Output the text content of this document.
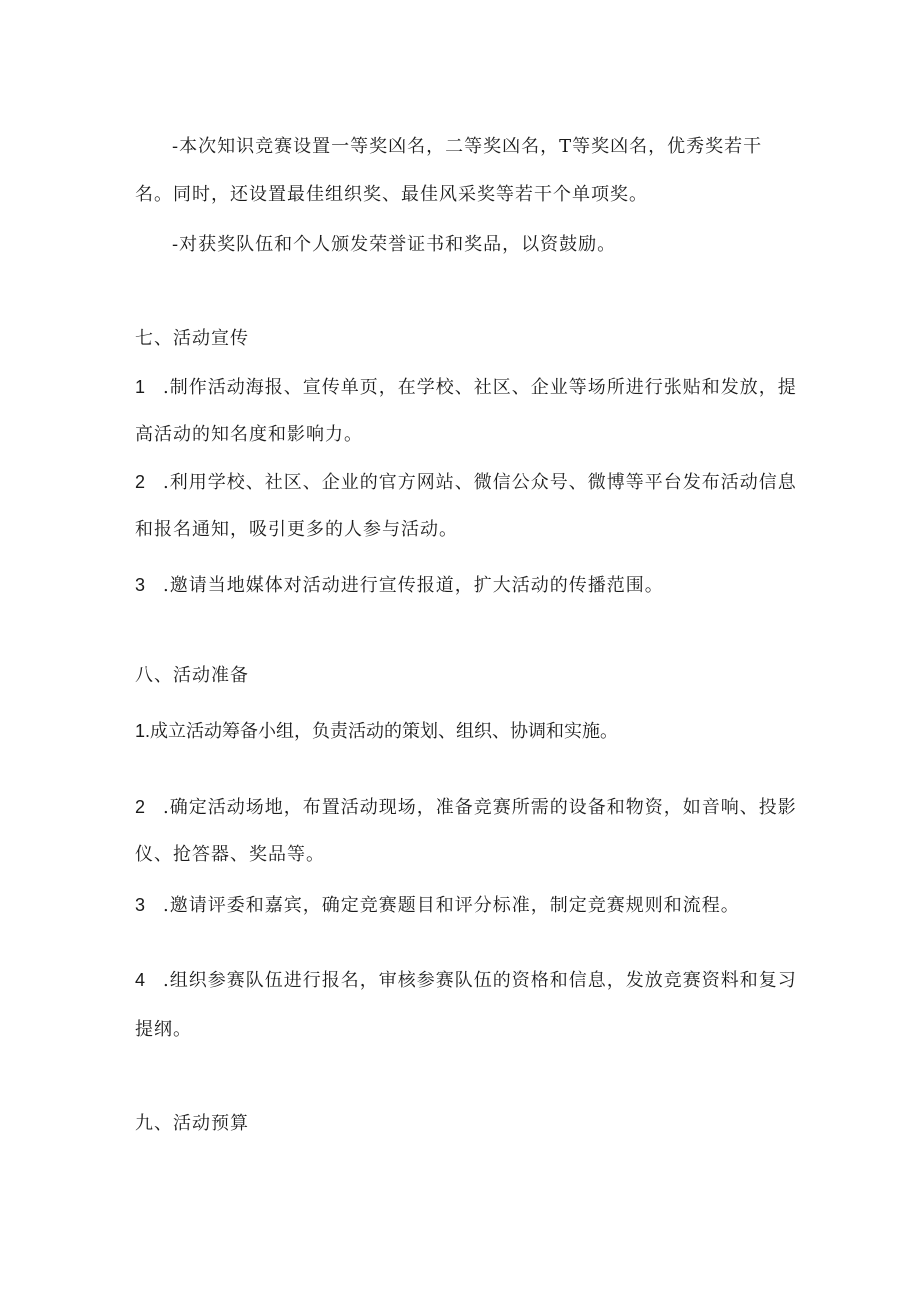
-本次知识竞赛设置一等奖凶名，二等奖凶名，T等奖凶名，优秀奖若干
名。同时，还设置最佳组织奖、最佳风采奖等若干个单项奖。
-对获奖队伍和个人颁发荣誉证书和奖品，以资鼓励。
七、活动宣传
1 .制作活动海报、宣传单页，在学校、社区、企业等场所进行张贴和发放，提
高活动的知名度和影响力。
2 .利用学校、社区、企业的官方网站、微信公众号、微博等平台发布活动信息
和报名通知，吸引更多的人参与活动。
3 .邀请当地媒体对活动进行宣传报道，扩大活动的传播范围。
八、活动准备
1.成立活动筹备小组，负责活动的策划、组织、协调和实施。
2 .确定活动场地，布置活动现场，准备竞赛所需的设备和物资，如音响、投影
仪、抢答器、奖品等。
3 .邀请评委和嘉宾，确定竞赛题目和评分标准，制定竞赛规则和流程。
4 .组织参赛队伍进行报名，审核参赛队伍的资格和信息，发放竞赛资料和复习
提纲。
九、活动预算
